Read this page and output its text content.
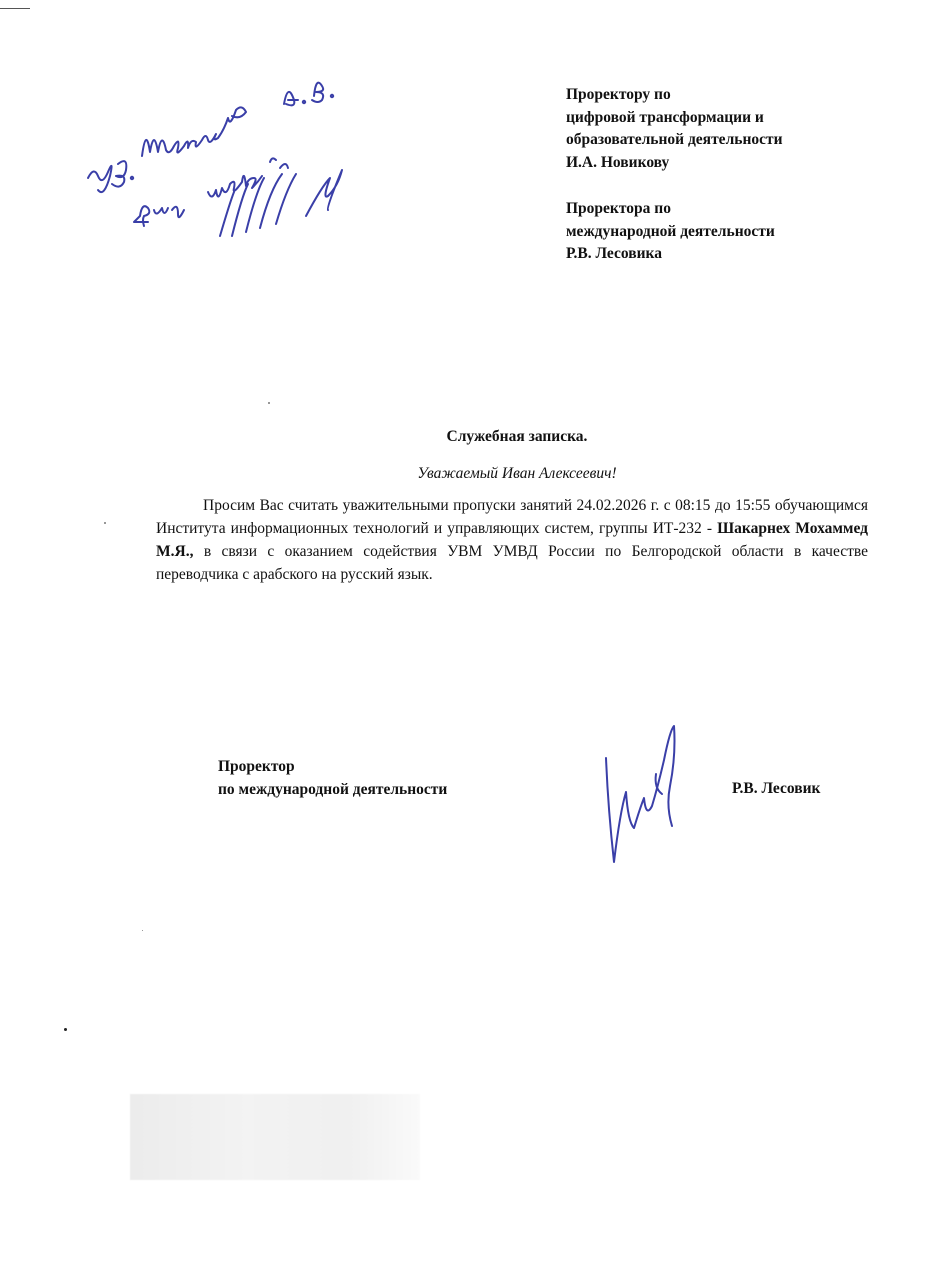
Проректору по
цифровой трансформации и
образовательной деятельности
И.А. Новикову
Проректора по
международной деятельности
Р.В. Лесовика
Служебная записка.
Уважаемый Иван Алексеевич!

Просим Вас считать уважительными пропуски занятий 24.02.2026 г. с 08:15 до 15:55 обучающимся Института информационных технологий и управляющих систем, группы ИТ-232 - Шакарнех Мохаммед М.Я., в связи с оказанием содействия УВМ УМВД России по Белгородской области в качестве переводчика с арабского на русский язык.

Проректор
по международной деятельности	Р.В. Лесовик
